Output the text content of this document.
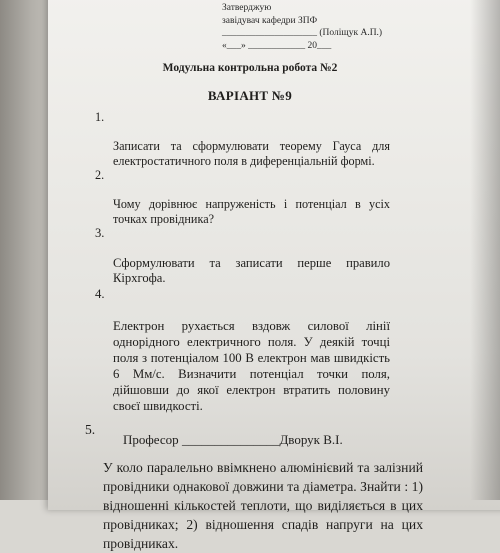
Затверджую
завідувач кафедри ЗПФ
____________________ (Поліщук А.П.)
«___» ____________ 20___
Модульна контрольна робота №2
ВАРІАНТ №9

1.

Записати та сформулювати теорему Гауса для електростатичного поля в диференціальній формі.

2.

Чому дорівнює напруженість і потенціал в усіх точках провідника?

3.

Сформулювати та записати перше правило Кірхгофа.

4.

Електрон рухається вздовж силової лінії однорідного електричного поля. У деякій точці поля з потенціалом 100 В електрон мав швидкість 6 Мм/с. Визначити потенціал точки поля, дійшовши до якої електрон втратить половину своєї швидкості.

5.

У коло паралельно ввімкнено алюмінієвий та залізний провідники однакової довжини та діаметра. Знайти : 1) відношенні кількостей теплоти, що виділяється в цих провідниках; 2) відношення спадів напруги на цих провідниках.

Професор _______________Дворук В.І.
